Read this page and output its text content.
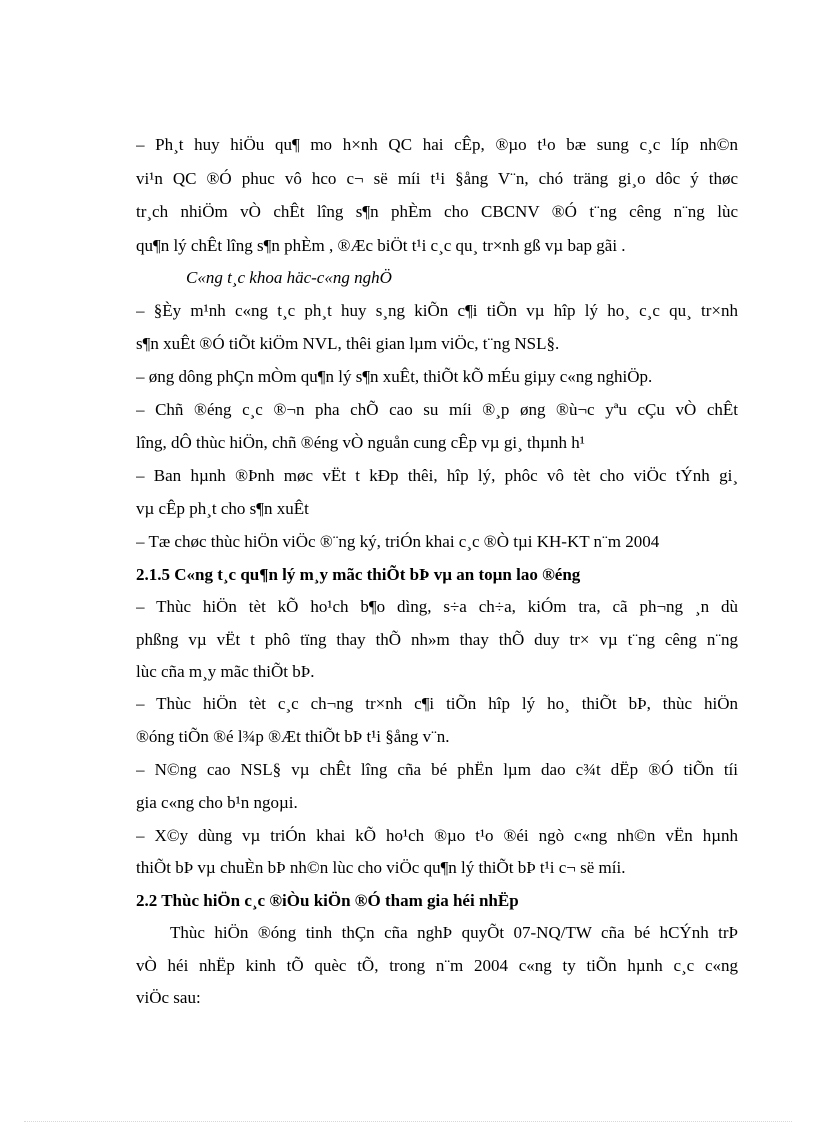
– Ph¸t huy hiÖu qu¶ mo h×nh QC hai cÊp, ®µo t¹o bæ sung c¸c líp nh©n
vi¹n QC ®Ó phuc vô hco c¬ së míi t¹i §ång V¨n, chó träng gi¸o dôc ý thøc
tr¸ch nhiÖm vÒ chÊt lîng s¶n phÈm cho CBCNV ®Ó t¨ng cêng n¨ng lùc
qu¶n lý chÊt lîng s¶n phÈm , ®Æc biÖt t¹i c¸c qu¸ tr×nh gß vµ bap gãi .
C«ng t¸c khoa häc-c«ng nghÖ
– §Èy m¹nh c«ng t¸c ph¸t huy s¸ng kiÕn c¶i tiÕn vµ hîp lý ho¸ c¸c qu¸ tr×nh
s¶n xuÊt ®Ó tiÕt kiÖm NVL, thêi gian lµm viÖc, t¨ng NSL§.
– øng dông phÇn mÒm qu¶n lý s¶n xuÊt, thiÕt kÕ mÉu giµy c«ng nghiÖp.
– Chñ ®éng c¸c ®¬n pha chÕ cao su míi ®¸p øng ®ù¬c yªu cÇu vÒ chÊt
lîng, dÔ thùc hiÖn, chñ ®éng vÒ nguån cung cÊp vµ gi¸ thµnh h¹
– Ban hµnh ®Þnh møc vËt t kÐp thêi, hîp lý, phôc vô tèt cho viÖc tÝnh gi¸
vµ cÊp ph¸t cho s¶n xuÊt
– Tæ chøc thùc hiÖn viÖc ®¨ng ký, triÓn khai c¸c ®Ò tµi KH-KT n¨m 2004
2.1.5 C«ng t¸c qu¶n lý m¸y mãc thiÕt bÞ vµ an toµn lao ®éng
– Thùc hiÖn tèt kÕ ho¹ch b¶o dìng, s÷a ch÷a, kiÓm tra, cã ph¬ng ¸n dù
phßng vµ vËt t phô tïng thay thÕ nh»m thay thÕ duy tr× vµ t¨ng cêng n¨ng
lùc cña m¸y mãc thiÕt bÞ.
– Thùc hiÖn tèt c¸c ch¬ng tr×nh c¶i tiÕn hîp lý ho¸ thiÕt bÞ, thùc hiÖn
®óng tiÕn ®é l¾p ®Æt thiÕt bÞ t¹i §ång v¨n.
– N©ng cao NSL§ vµ chÊt lîng cña bé phËn lµm dao c¾t dËp ®Ó tiÕn tíi
gia c«ng cho b¹n ngoµi.
– X©y dùng vµ triÓn khai kÕ ho¹ch ®µo t¹o ®éi ngò c«ng nh©n vËn hµnh
thiÕt bÞ vµ chuÈn bÞ nh©n lùc cho viÖc qu¶n lý thiÕt bÞ t¹i c¬ së míi.
2.2 Thùc hiÖn c¸c ®iÒu kiÖn ®Ó tham gia héi nhËp
Thùc hiÖn ®óng tinh thÇn cña nghÞ quyÕt 07-NQ/TW cña bé hCÝnh trÞ
vÒ héi nhËp kinh tÕ quèc tÕ, trong n¨m 2004 c«ng ty tiÕn hµnh c¸c c«ng
viÖc sau:
